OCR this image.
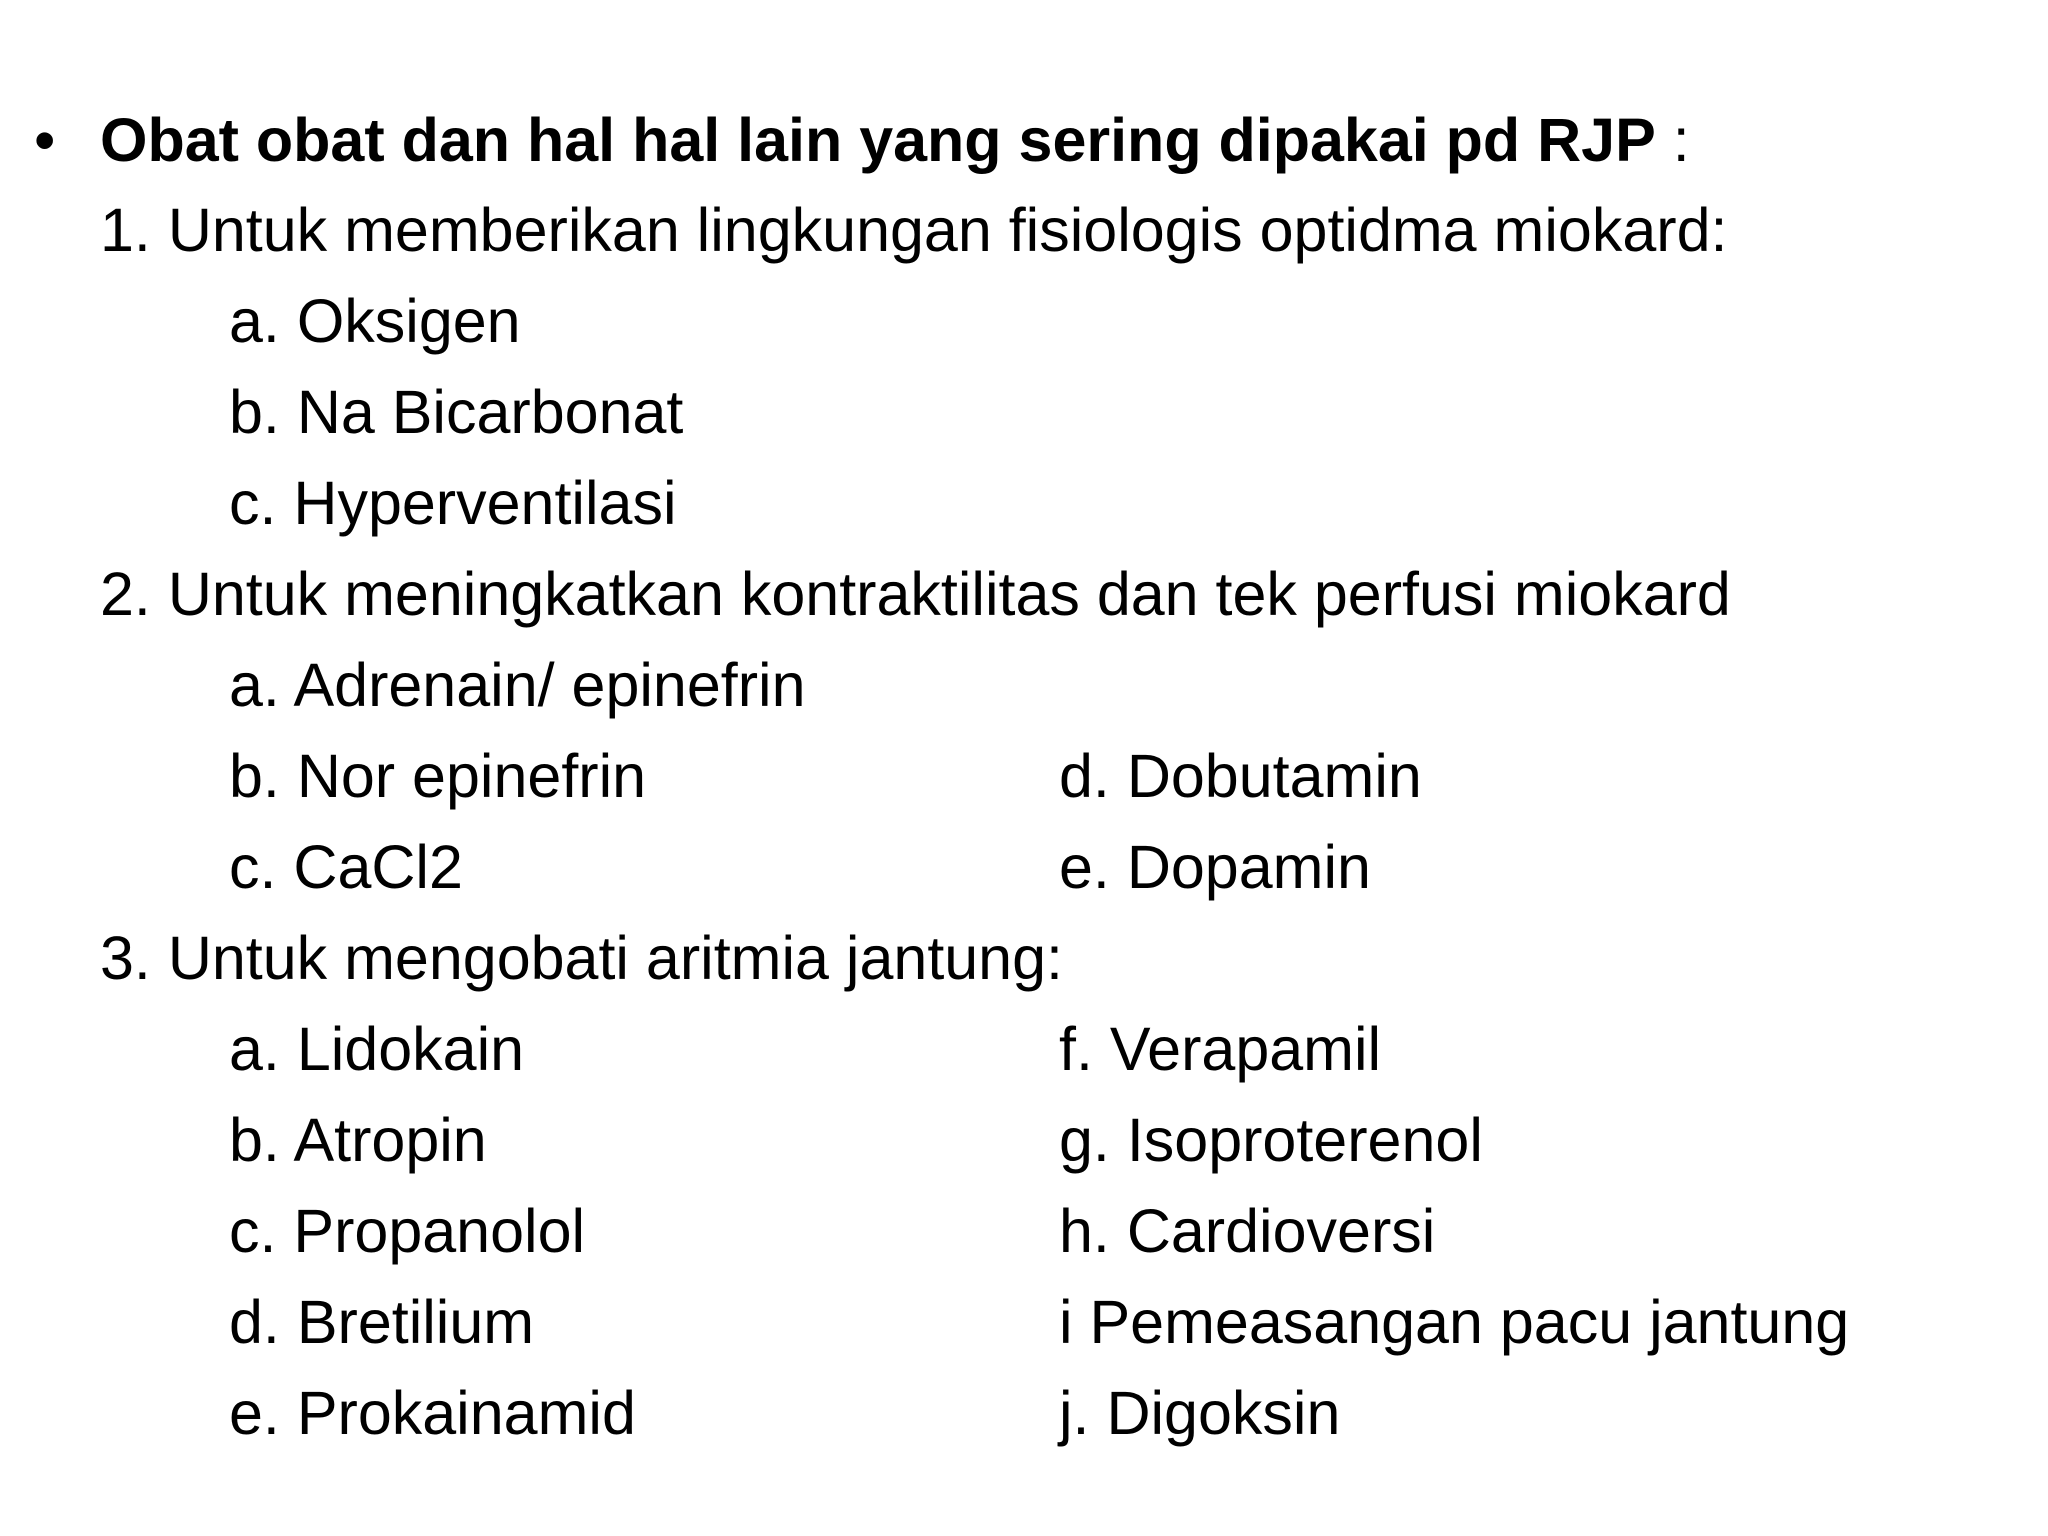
• Obat obat dan hal hal lain yang sering dipakai pd RJP :
1. Untuk memberikan lingkungan fisiologis optidma miokard:
a. Oksigen
b. Na Bicarbonat
c. Hyperventilasi
2. Untuk meningkatkan kontraktilitas dan tek perfusi miokard
a. Adrenain/ epinefrin
b. Nor epinefrin	d. Dobutamin
c. CaCl2	e. Dopamin
3. Untuk mengobati aritmia jantung:
a. Lidokain	f. Verapamil
b. Atropin	g. Isoproterenol
c. Propanolol	h. Cardioversi
d. Bretilium	i Pemeasangan pacu jantung
e. Prokainamid	j. Digoksin
